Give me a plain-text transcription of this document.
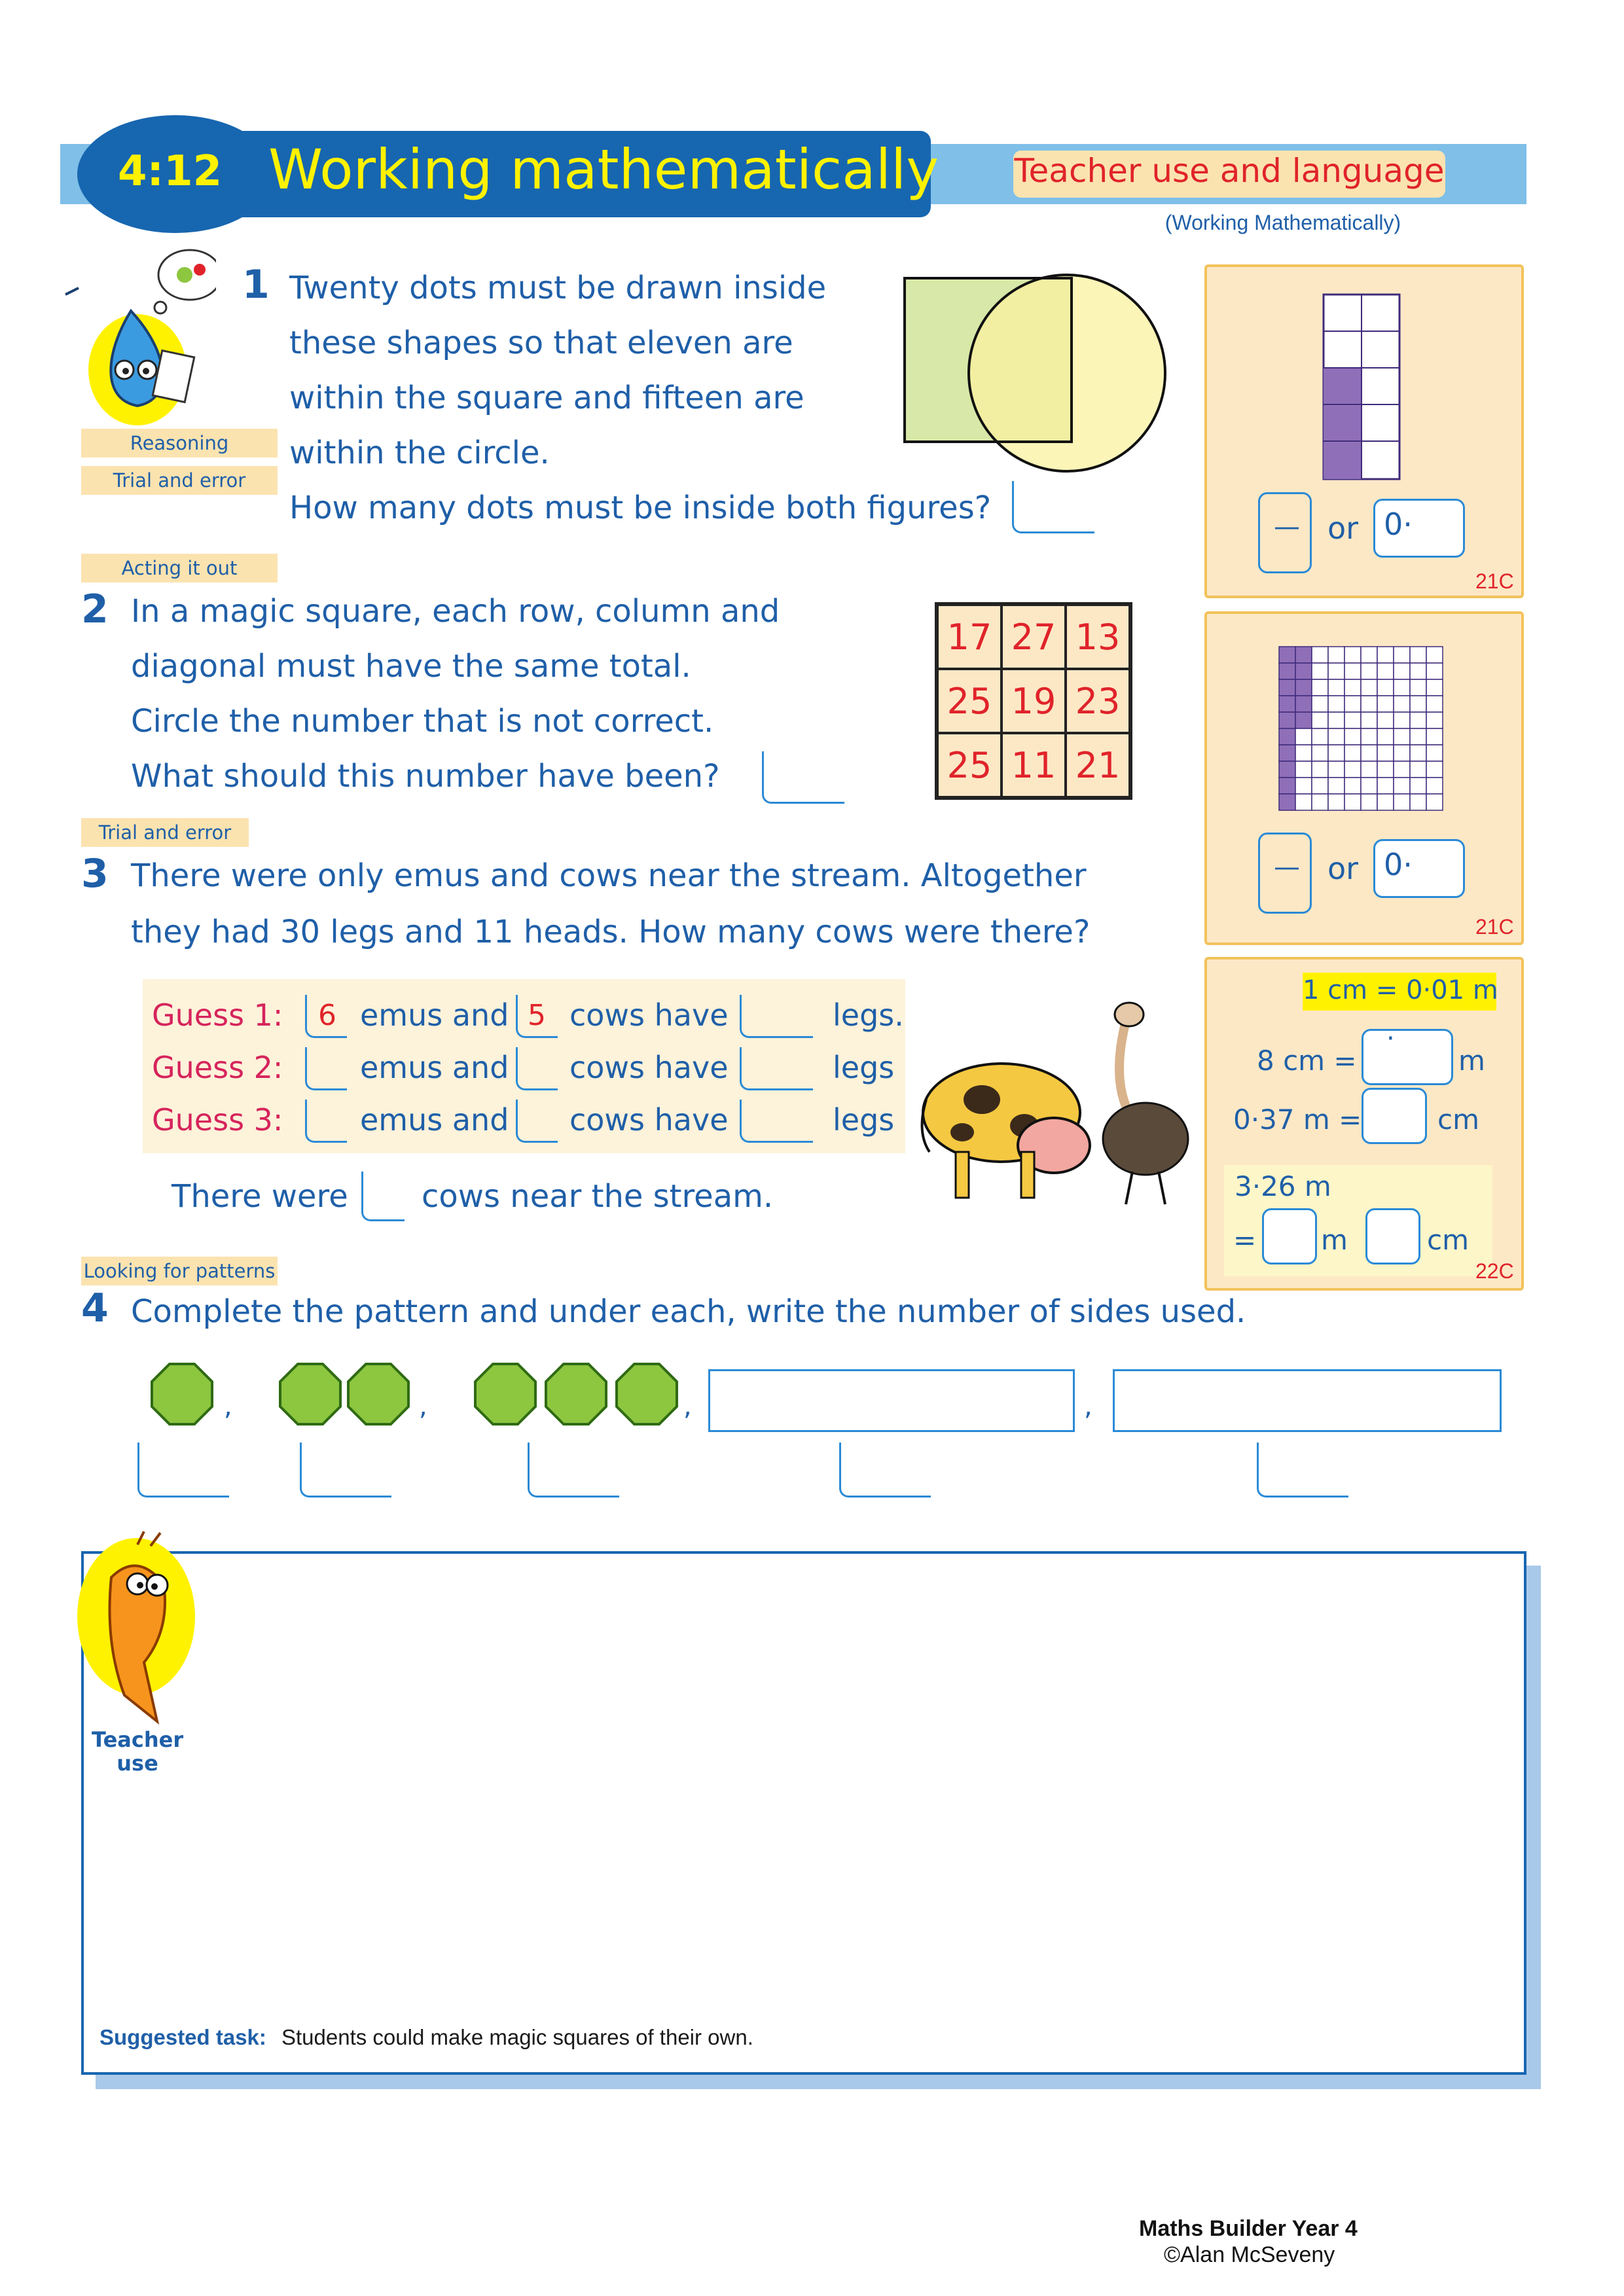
4:12 Working mathematically Teacher use and language
(Working Mathematically)
Reasoning
Trial and error
Acting it out
Trial and error
Looking for patterns
1 Twenty dots must be drawn inside
these shapes so that eleven are
within the square and fifteen are
within the circle.
How many dots must be inside both figures?
2 In a magic square, each row, column and
diagonal must have the same total.
Circle the number that is not correct.
What should this number have been?
17 27 13
25 19 23
25 11 21
3 There were only emus and cows near the stream. Altogether
they had 30 legs and 11 heads. How many cows were there?
Guess 1: 6 emus and 5 cows have	legs.
Guess 2:	emus and cows have	legs
Guess 3:	emus and cows have	legs
There were cows near the stream.
4 Complete the pattern and under each, write the number of sides used.
,	,	,	,
— or 0·
21C
— or 0·
21C
1 cm = 0·01 m
8 cm =
·
m
0·37 m =	cm
3·26 m
= m	cm
22C
Teacher use
Suggested task: Students could make magic squares of their own.
Maths Builder Year 4
©Alan McSeveny
